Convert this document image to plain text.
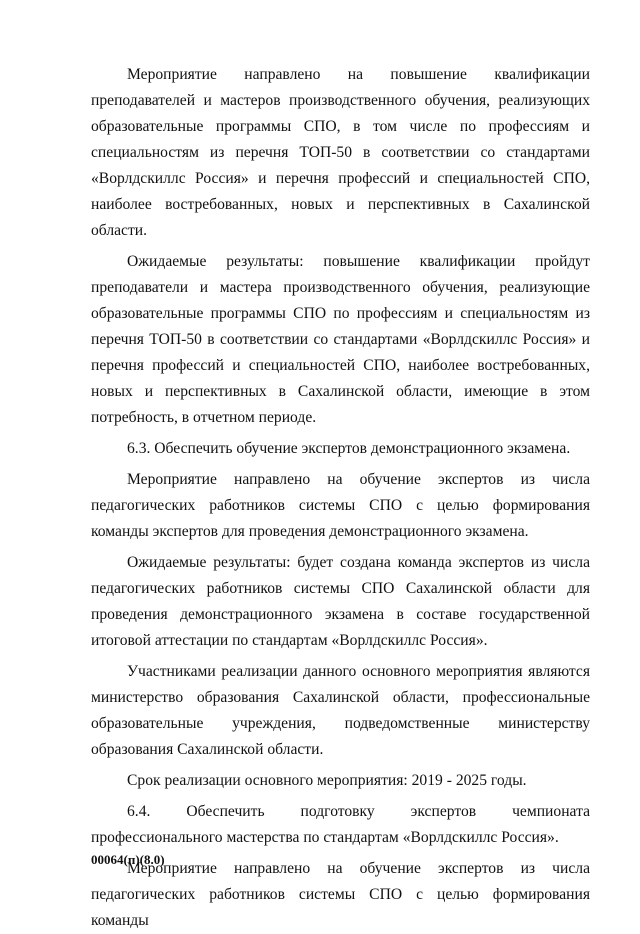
Мероприятие направлено на повышение квалификации преподавателей и мастеров производственного обучения, реализующих образовательные программы СПО, в том числе по профессиям и специальностям из перечня ТОП-50 в соответствии со стандартами «Ворлдскиллс Россия» и перечня профессий и специальностей СПО, наиболее востребованных, новых и перспективных в Сахалинской области.

Ожидаемые результаты: повышение квалификации пройдут преподаватели и мастера производственного обучения, реализующие образовательные программы СПО по профессиям и специальностям из перечня ТОП-50 в соответствии со стандартами «Ворлдскиллс Россия» и перечня профессий и специальностей СПО, наиболее востребованных, новых и перспективных в Сахалинской области, имеющие в этом потребность, в отчетном периоде.

6.3. Обеспечить обучение экспертов демонстрационного экзамена.

Мероприятие направлено на обучение экспертов из числа педагогических работников системы СПО с целью формирования команды экспертов для проведения демонстрационного экзамена.

Ожидаемые результаты: будет создана команда экспертов из числа педагогических работников системы СПО Сахалинской области для проведения демонстрационного экзамена в составе государственной итоговой аттестации по стандартам «Ворлдскиллс Россия».

Участниками реализации данного основного мероприятия являются министерство образования Сахалинской области, профессиональные образовательные учреждения, подведомственные министерству образования Сахалинской области.

Срок реализации основного мероприятия: 2019 - 2025 годы.

6.4. Обеспечить подготовку экспертов чемпионата профессионального мастерства по стандартам «Ворлдскиллс Россия».

Мероприятие направлено на обучение экспертов из числа педагогических работников системы СПО с целью формирования команды

00064(п)(8.0)
